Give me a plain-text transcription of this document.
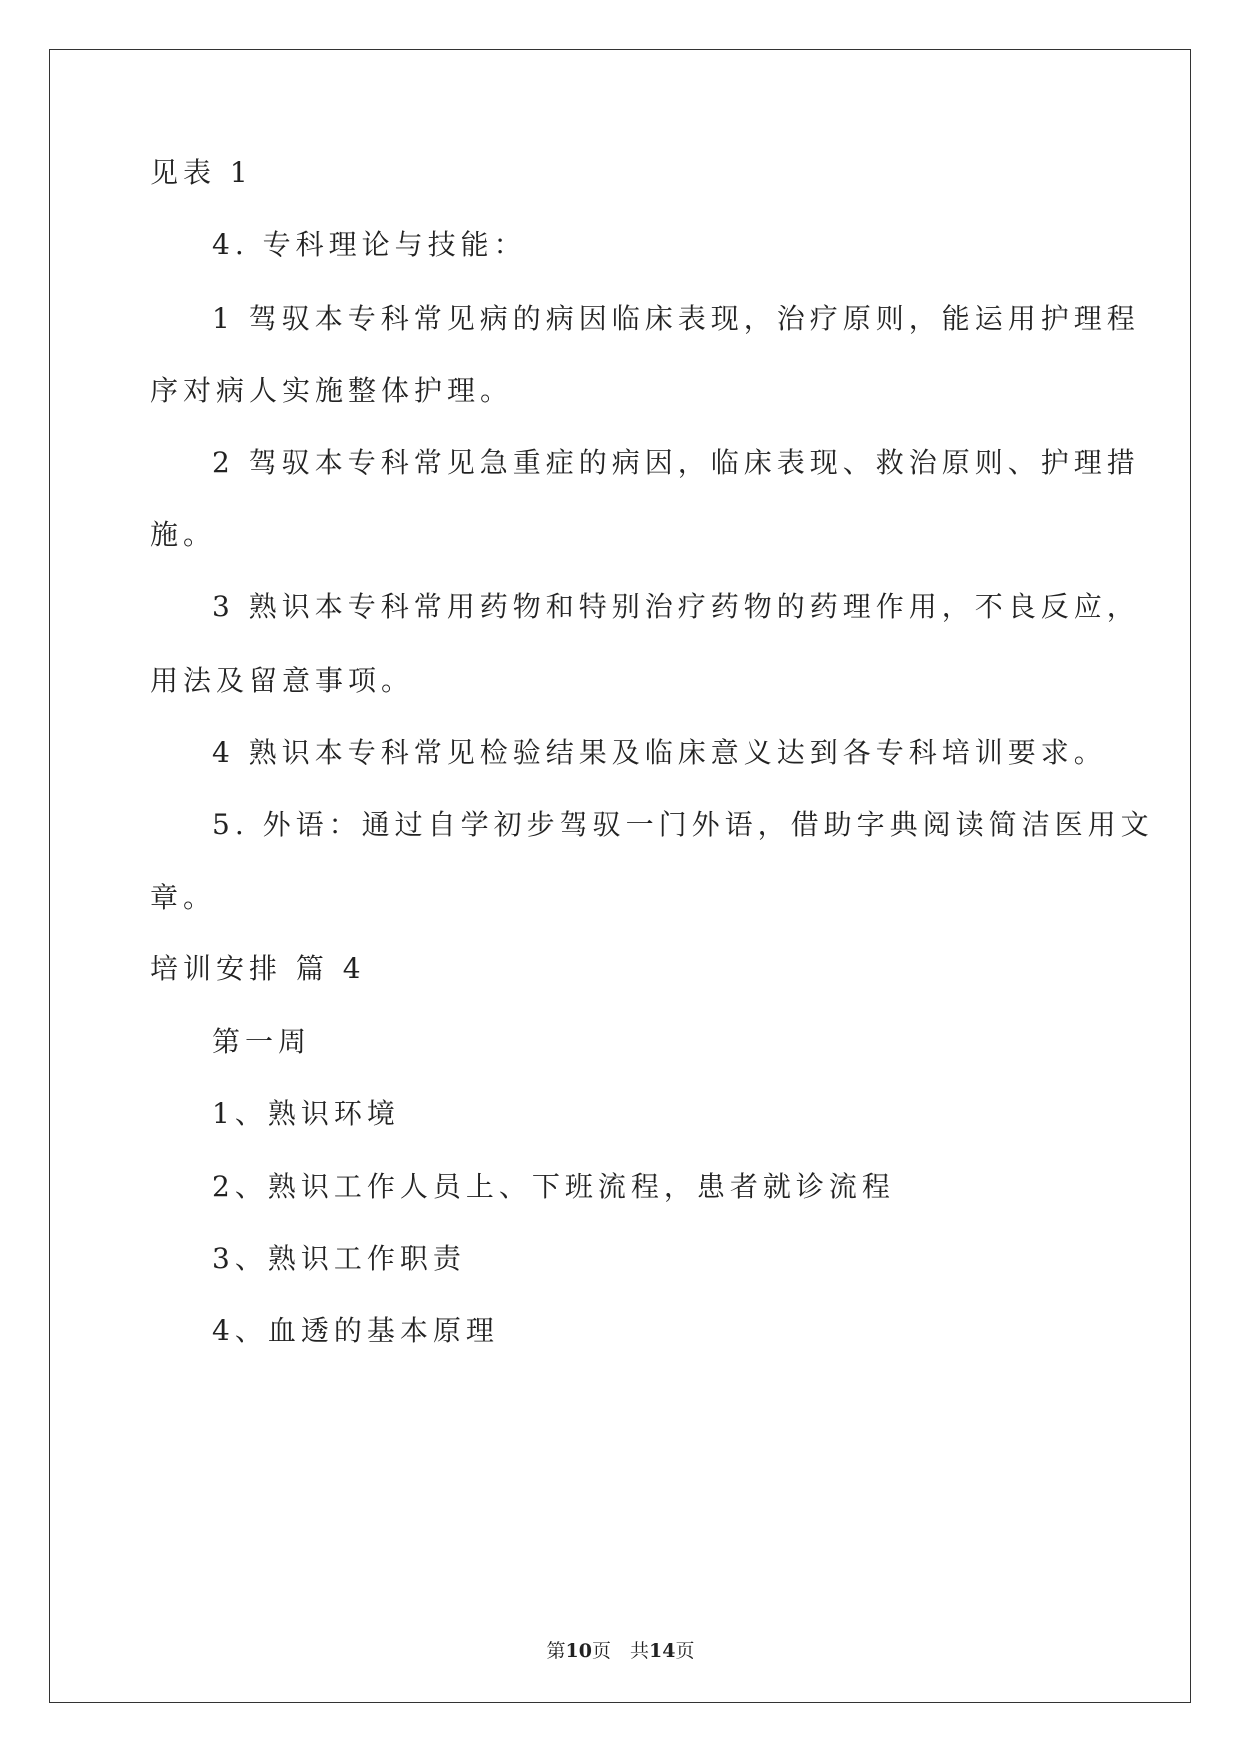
见表 1
4. 专科理论与技能：
1 驾驭本专科常见病的病因临床表现，治疗原则，能运用护理程
序对病人实施整体护理。
2 驾驭本专科常见急重症的病因，临床表现、救治原则、护理措
施。
3 熟识本专科常用药物和特别治疗药物的药理作用，不良反应，
用法及留意事项。
4 熟识本专科常见检验结果及临床意义达到各专科培训要求。
5. 外语：通过自学初步驾驭一门外语，借助字典阅读简洁医用文
章。
培训安排 篇 4
第一周
1、熟识环境
2、熟识工作人员上、下班流程，患者就诊流程
3、熟识工作职责
4、血透的基本原理
第10页　共14页
